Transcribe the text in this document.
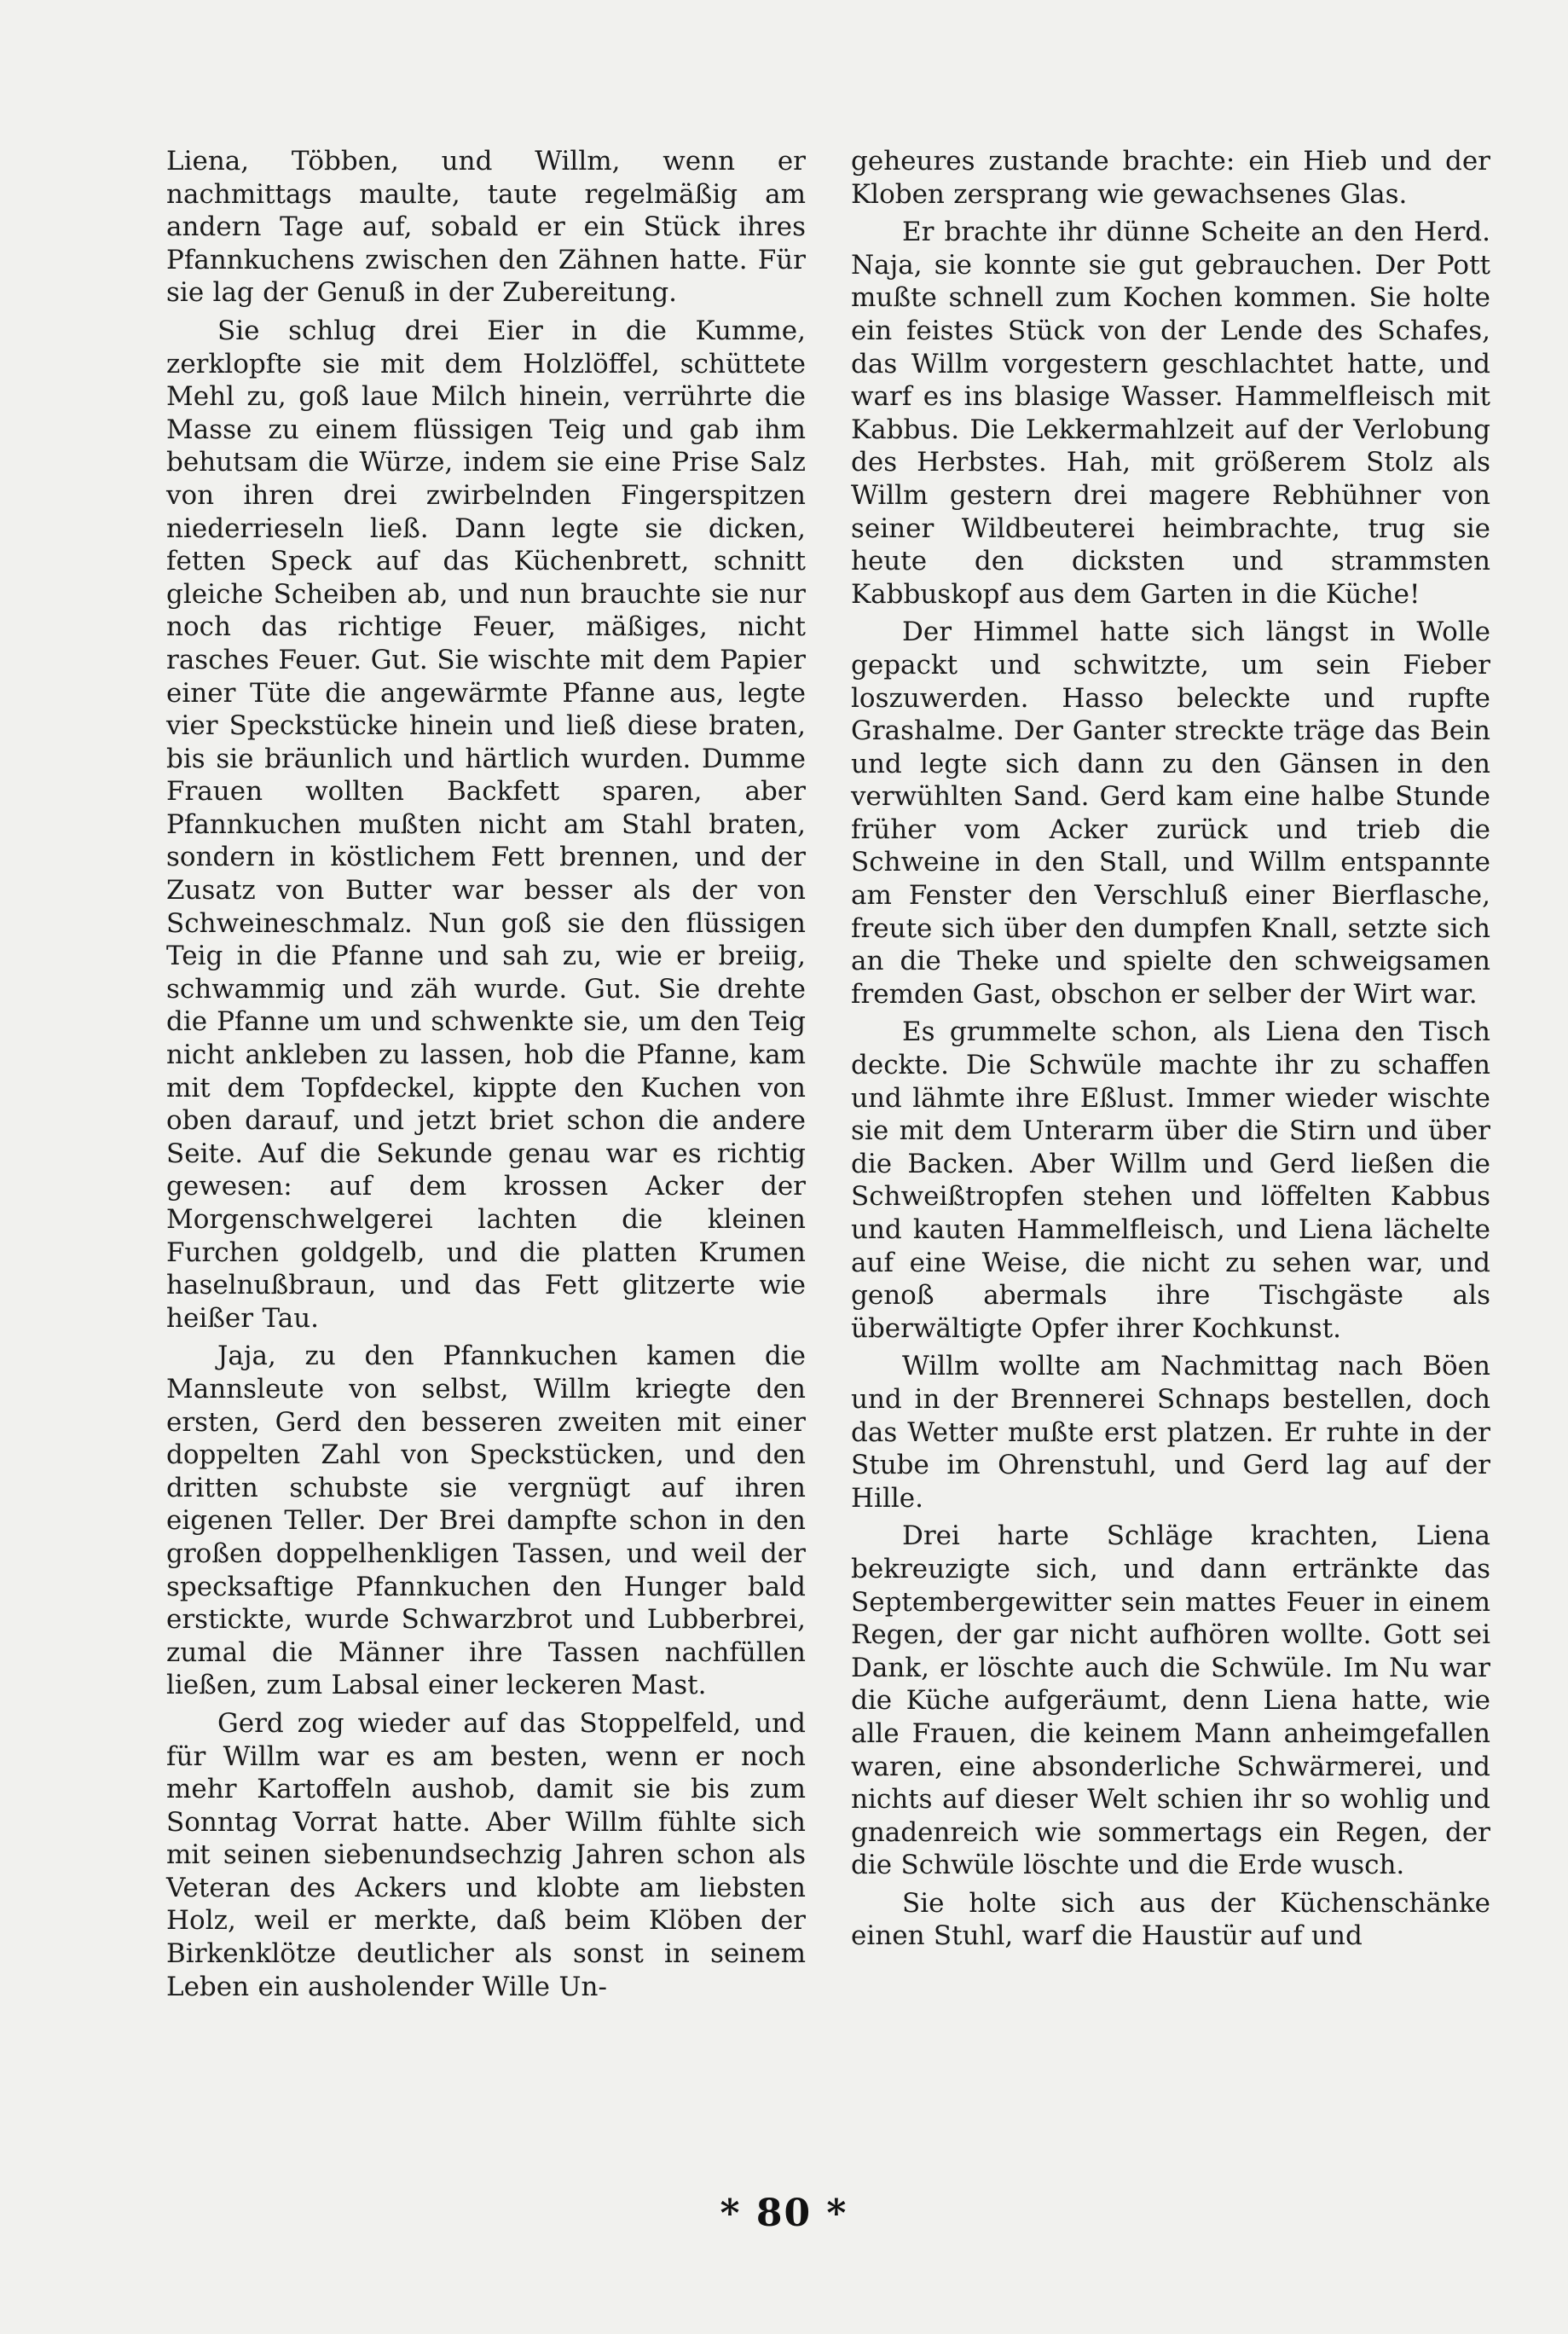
Liena, Többen, und Willm, wenn er nachmittags maulte, taute regelmäßig am andern Tage auf, sobald er ein Stück ihres Pfannkuchens zwischen den Zähnen hatte. Für sie lag der Genuß in der Zubereitung.

Sie schlug drei Eier in die Kumme, zerklopfte sie mit dem Holzlöffel, schüttete Mehl zu, goß laue Milch hinein, verrührte die Masse zu einem flüssigen Teig und gab ihm behutsam die Würze, indem sie eine Prise Salz von ihren drei zwirbelnden Fingerspitzen niederrieseln ließ. Dann legte sie dicken, fetten Speck auf das Küchenbrett, schnitt gleiche Scheiben ab, und nun brauchte sie nur noch das richtige Feuer, mäßiges, nicht rasches Feuer. Gut. Sie wischte mit dem Papier einer Tüte die angewärmte Pfanne aus, legte vier Speckstücke hinein und ließ diese braten, bis sie bräunlich und härtlich wurden. Dumme Frauen wollten Backfett sparen, aber Pfannkuchen mußten nicht am Stahl braten, sondern in köstlichem Fett brennen, und der Zusatz von Butter war besser als der von Schweineschmalz. Nun goß sie den flüssigen Teig in die Pfanne und sah zu, wie er breiig, schwammig und zäh wurde. Gut. Sie drehte die Pfanne um und schwenkte sie, um den Teig nicht ankleben zu lassen, hob die Pfanne, kam mit dem Topfdeckel, kippte den Kuchen von oben darauf, und jetzt briet schon die andere Seite. Auf die Sekunde genau war es richtig gewesen: auf dem krossen Acker der Morgenschwelgerei lachten die kleinen Furchen goldgelb, und die platten Krumen haselnußbraun, und das Fett glitzerte wie heißer Tau.

Jaja, zu den Pfannkuchen kamen die Mannsleute von selbst, Willm kriegte den ersten, Gerd den besseren zweiten mit einer doppelten Zahl von Speckstücken, und den dritten schubste sie vergnügt auf ihren eigenen Teller. Der Brei dampfte schon in den großen doppelhenkligen Tassen, und weil der specksaftige Pfannkuchen den Hunger bald erstickte, wurde Schwarzbrot und Lubberbrei, zumal die Männer ihre Tassen nachfüllen ließen, zum Labsal einer leckeren Mast.

Gerd zog wieder auf das Stoppelfeld, und für Willm war es am besten, wenn er noch mehr Kartoffeln aushob, damit sie bis zum Sonntag Vorrat hatte. Aber Willm fühlte sich mit seinen siebenundsechzig Jahren schon als Veteran des Ackers und klobte am liebsten Holz, weil er merkte, daß beim Klöben der Birkenklötze deutlicher als sonst in seinem Leben ein ausholender Wille Un-

geheures zustande brachte: ein Hieb und der Kloben zersprang wie gewachsenes Glas.

Er brachte ihr dünne Scheite an den Herd. Naja, sie konnte sie gut gebrauchen. Der Pott mußte schnell zum Kochen kommen. Sie holte ein feistes Stück von der Lende des Schafes, das Willm vorgestern geschlachtet hatte, und warf es ins blasige Wasser. Hammelfleisch mit Kabbus. Die Lekkermahlzeit auf der Verlobung des Herbstes. Hah, mit größerem Stolz als Willm gestern drei magere Rebhühner von seiner Wildbeuterei heimbrachte, trug sie heute den dicksten und strammsten Kabbuskopf aus dem Garten in die Küche!

Der Himmel hatte sich längst in Wolle gepackt und schwitzte, um sein Fieber loszuwerden. Hasso beleckte und rupfte Grashalme. Der Ganter streckte träge das Bein und legte sich dann zu den Gänsen in den verwühlten Sand. Gerd kam eine halbe Stunde früher vom Acker zurück und trieb die Schweine in den Stall, und Willm entspannte am Fenster den Verschluß einer Bierflasche, freute sich über den dumpfen Knall, setzte sich an die Theke und spielte den schweigsamen fremden Gast, obschon er selber der Wirt war.

Es grummelte schon, als Liena den Tisch deckte. Die Schwüle machte ihr zu schaffen und lähmte ihre Eßlust. Immer wieder wischte sie mit dem Unterarm über die Stirn und über die Backen. Aber Willm und Gerd ließen die Schweißtropfen stehen und löffelten Kabbus und kauten Hammelfleisch, und Liena lächelte auf eine Weise, die nicht zu sehen war, und genoß abermals ihre Tischgäste als überwältigte Opfer ihrer Kochkunst.

Willm wollte am Nachmittag nach Böen und in der Brennerei Schnaps bestellen, doch das Wetter mußte erst platzen. Er ruhte in der Stube im Ohrenstuhl, und Gerd lag auf der Hille.

Drei harte Schläge krachten, Liena bekreuzigte sich, und dann ertränkte das Septembergewitter sein mattes Feuer in einem Regen, der gar nicht aufhören wollte. Gott sei Dank, er löschte auch die Schwüle. Im Nu war die Küche aufgeräumt, denn Liena hatte, wie alle Frauen, die keinem Mann anheimgefallen waren, eine absonderliche Schwärmerei, und nichts auf dieser Welt schien ihr so wohlig und gnadenreich wie sommertags ein Regen, der die Schwüle löschte und die Erde wusch.

Sie holte sich aus der Küchenschänke einen Stuhl, warf die Haustür auf und

* 80 *
